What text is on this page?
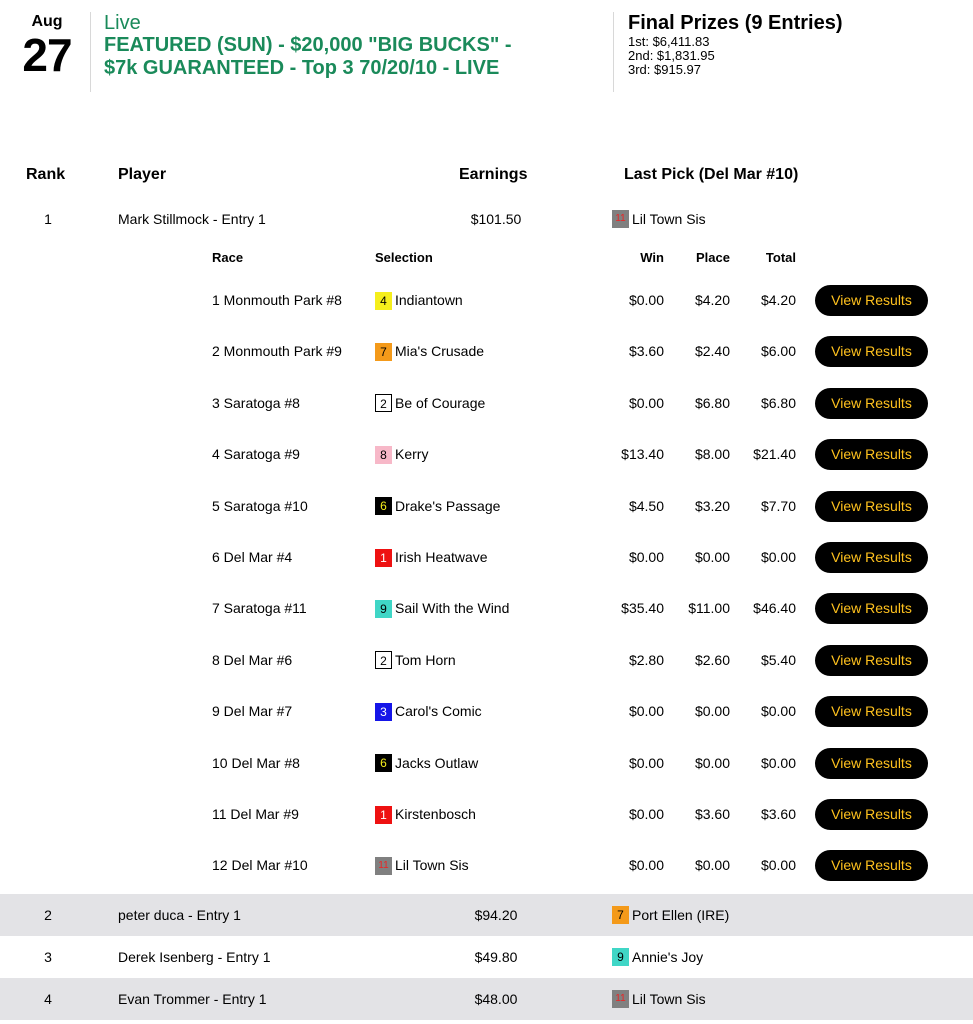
Aug
27
Live
FEATURED (SUN) - $20,000 "BIG BUCKS" -
$7k GUARANTEED - Top 3 70/20/10 - LIVE
Final Prizes (9 Entries)
1st: $6,411.83
2nd: $1,831.95
3rd: $915.97
Rank	Player	Earnings	Last Pick (Del Mar #10)
1	Mark Stillmock - Entry 1	$101.50	11 Lil Town Sis
2	peter duca - Entry 1	$94.20	7 Port Ellen (IRE)
3	Derek Isenberg - Entry 1	$49.80	9 Annie's Joy
4	Evan Trommer - Entry 1	$48.00	11 Lil Town Sis
Race	Selection	Win	Place	Total
1 Monmouth Park #8	4 Indiantown	$0.00	$4.20	$4.20	View Results
2 Monmouth Park #9	7 Mia's Crusade	$3.60	$2.40	$6.00	View Results
3 Saratoga #8	2 Be of Courage	$0.00	$6.80	$6.80	View Results
4 Saratoga #9	8 Kerry	$13.40	$8.00	$21.40	View Results
5 Saratoga #10	6 Drake's Passage	$4.50	$3.20	$7.70	View Results
6 Del Mar #4	1 Irish Heatwave	$0.00	$0.00	$0.00	View Results
7 Saratoga #11	9 Sail With the Wind	$35.40	$11.00	$46.40	View Results
8 Del Mar #6	2 Tom Horn	$2.80	$2.60	$5.40	View Results
9 Del Mar #7	3 Carol's Comic	$0.00	$0.00	$0.00	View Results
10 Del Mar #8	6 Jacks Outlaw	$0.00	$0.00	$0.00	View Results
11 Del Mar #9	1 Kirstenbosch	$0.00	$3.60	$3.60	View Results
12 Del Mar #10	11 Lil Town Sis	$0.00	$0.00	$0.00	View Results
